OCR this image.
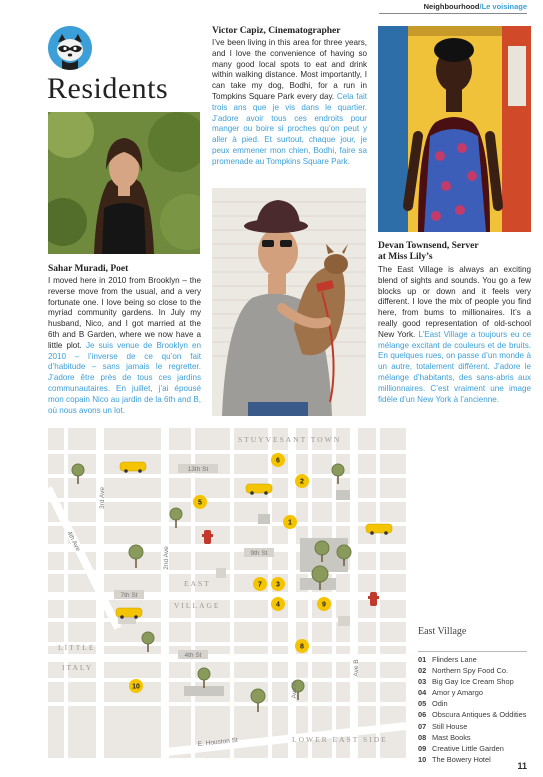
Neighbourhood/Le voisinage
Residents
Sahar Muradi, Poet
I moved here in 2010 from Brooklyn – the reverse move from the usual, and a very fortunate one. I love being so close to the myriad community gardens. In July my husband, Nico, and I got married at the 6th and B Garden, where we now have a little plot. Je suis venue de Brooklyn en 2010 – l’inverse de ce qu’on fait d’habitude – sans jamais le regretter. J’adore être près de tous ces jardins communautaires. En juillet, j’ai épousé mon copain Nico au jardin de la 6th and B, où nous avons un lot.
Victor Capiz, Cinematographer
I’ve been living in this area for three years, and I love the convenience of having so many good local spots to eat and drink within walking distance. Most importantly, I can take my dog, Bodhi, for a run in Tompkins Square Park every day. Cela fait trois ans que je vis dans le quartier. J’adore avoir tous ces endroits pour manger ou boire si proches qu’on peut y aller à pied. Et surtout, chaque jour, je peux emmener mon chien, Bodhi, faire sa promenade au Tompkins Square Park.
Devan Townsend, Server
at Miss Lily’s
The East Village is always an exciting blend of sights and sounds. You go a few blocks up or down and it feels very different. I love the mix of people you find here, from bums to millionaires. It’s a really good representation of old-school New York. L’East Village a toujours eu ce mélange excitant de couleurs et de bruits. En quelques rues, on passe d’un monde à un autre, totalement différent. J’adore le mélange d’habitants, des sans-abris aux millionnaires. C’est vraiment une image fidèle d’un New York à l’ancienne.
13th St
9th St
7th St
4th St
3rd Ave
2nd Ave
4th Ave
Ave A
Ave B
E. Houston St
STUYVESANT TOWN
EAST
VILLAGE
LITTLE
ITALY
LOWER EAST SIDE
1
2
3
4
5
6
7
8
9
10
East Village
01 Flinders Lane
02 Northern Spy Food Co.
03 Big Gay Ice Cream Shop
04 Amor y Amargo
05 Odin
06 Obscura Antiques & Oddities
07 Still House
08 Mast Books
09 Creative Little Garden
10 The Bowery Hotel
11
